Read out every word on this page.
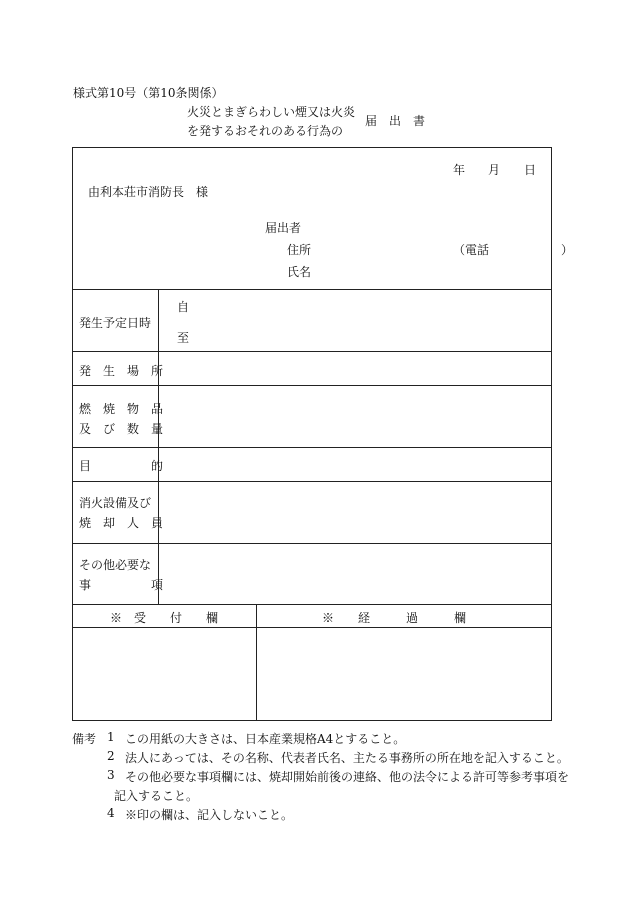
様式第10号（第10条関係）
火災とまぎらわしい煙又は火炎
を発するおそれのある行為の
届　出　書
年 月 日
由利本荘市消防長　様
届出者
住所	（電話　　　　　　）
氏名
発生予定日時
自
至
発　生　場　所
燃　焼　物　品
及　び　数　量
目　　　　　的
消火設備及び
焼　却　人　員
その他必要な
事　　　　　項
※　受　　付　　欄	※　　経　　　過　　　欄
備考 1 この用紙の大きさは、日本産業規格A4とすること。
2 法人にあっては、その名称、代表者氏名、主たる事務所の所在地を記入すること。
3 その他必要な事項欄には、焼却開始前後の連絡、他の法令による許可等参考事項を
記入すること。
4 ※印の欄は、記入しないこと。
